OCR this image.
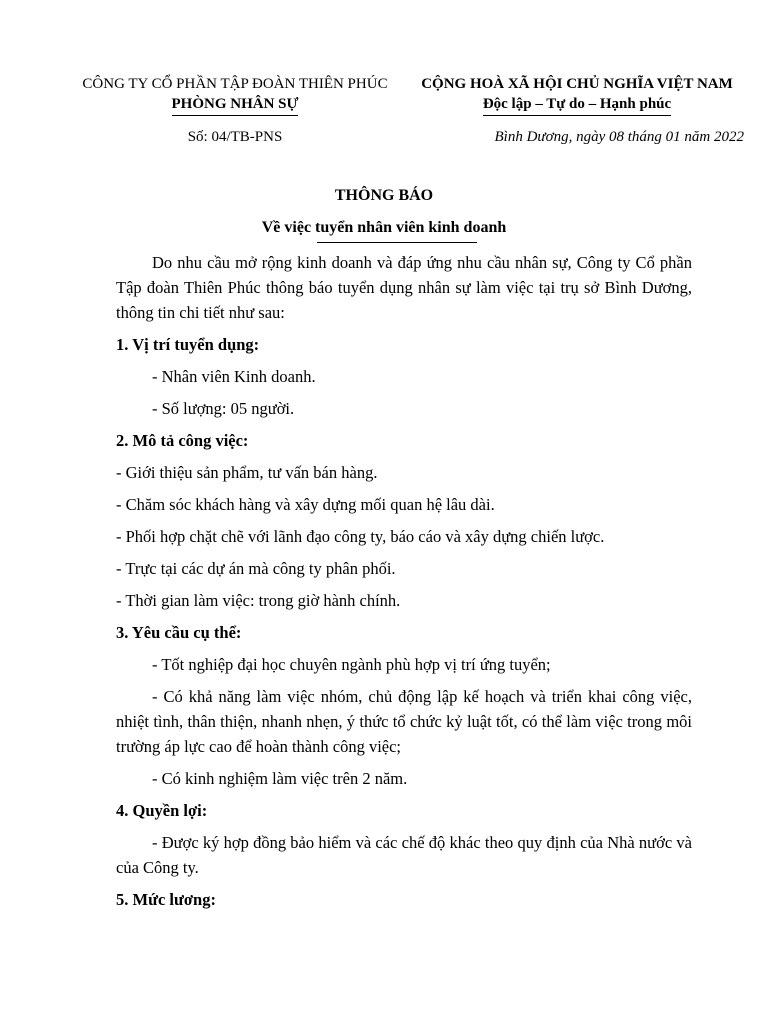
CÔNG TY CỔ PHẦN TẬP ĐOÀN THIÊN PHÚC
PHÒNG NHÂN SỰ
CỘNG HOÀ XÃ HỘI CHỦ NGHĨA VIỆT NAM
Độc lập – Tự do – Hạnh phúc
Số: 04/TB-PNS	Bình Dương, ngày 08 tháng 01 năm 2022
THÔNG BÁO
Về việc tuyển nhân viên kinh doanh

Do nhu cầu mở rộng kinh doanh và đáp ứng nhu cầu nhân sự, Công ty Cổ phần Tập đoàn Thiên Phúc thông báo tuyển dụng nhân sự làm việc tại trụ sở Bình Dương, thông tin chi tiết như sau:

1. Vị trí tuyển dụng:

- Nhân viên Kinh doanh.

- Số lượng: 05 người.

2. Mô tả công việc:

- Giới thiệu sản phẩm, tư vấn bán hàng.

- Chăm sóc khách hàng và xây dựng mối quan hệ lâu dài.

- Phối hợp chặt chẽ với lãnh đạo công ty, báo cáo và xây dựng chiến lược.

- Trực tại các dự án mà công ty phân phối.

- Thời gian làm việc: trong giờ hành chính.

3. Yêu cầu cụ thể:

- Tốt nghiệp đại học chuyên ngành phù hợp vị trí ứng tuyển;

- Có khả năng làm việc nhóm, chủ động lập kế hoạch và triển khai công việc, nhiệt tình, thân thiện, nhanh nhẹn, ý thức tổ chức kỷ luật tốt, có thể làm việc trong môi trường áp lực cao để hoàn thành công việc;

- Có kinh nghiệm làm việc trên 2 năm.

4. Quyền lợi:

- Được ký hợp đồng bảo hiểm và các chế độ khác theo quy định của Nhà nước và của Công ty.

5. Mức lương:
